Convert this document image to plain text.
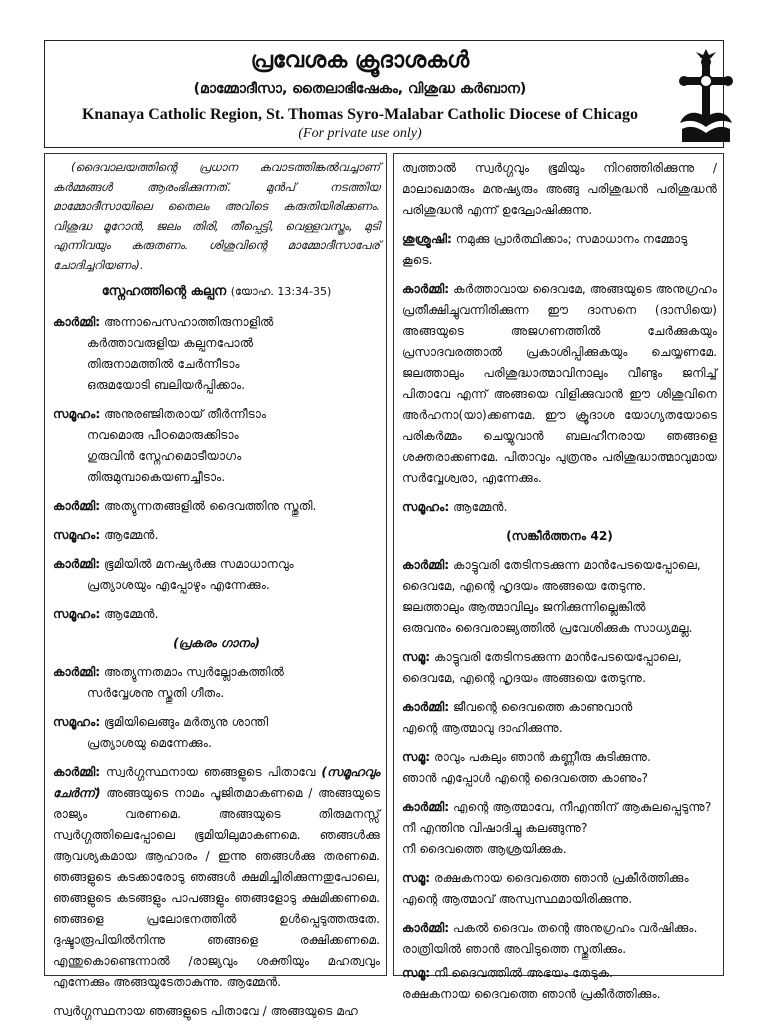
പ്രവേശക ക്രൂദാശകൾ
(മാമ്മോദീസാ, തൈലാഭിഷേകം, വിശുദ്ധ കർബാന)
Knanaya Catholic Region, St. Thomas Syro-Malabar Catholic Diocese of Chicago
(For private use only)

(ദൈവാലയത്തിന്റെ പ്രധാന കവാടത്തിങ്കൽവച്ചാണ് കർമ്മങ്ങൾ ആരംഭിക്കുന്നത്. മുൻപ് നടത്തിയ മാമ്മോദീസായിലെ തൈലം അവിടെ കരുതിയിരിക്കണം. വിശുദ്ധ മൂറോൻ, ജലം തിരി, തീപ്പെട്ടി, വെള്ളവസ്ത്രം, മുടി എന്നിവയും കരുതണം. ശിശുവിന്റെ മാമ്മോദീസാപേര് ചോദിച്ചറിയണം).

സ്നേഹത്തിന്റെ കല്പന (യോഹ. 13:34-35)

കാർമ്മി: അന്നാപെസഹാത്തിരുനാളിൽ
കർത്താവരുളിയ കല്പനപോൽ
തിരുനാമത്തിൽ ചേർന്നീടാം
ഒരുമയോടി ബലിയർപ്പിക്കാം.

സമൂഹം: അനുരഞ്ജിതരായ് തീർന്നീടാം
നവമൊരു പീഠമൊരുക്കിടാം
ഗുരുവിൻ സ്നേഹമൊടീയാഗം
തിരുമുമ്പാകെയണച്ചീടാം.

കാർമ്മി: അത്യുന്നതങ്ങളിൽ ദൈവത്തിനു സ്തുതി.

സമൂഹം: ആമ്മേൻ.

കാർമ്മി: ഭൂമിയിൽ മനഷ്യർക്കു സമാധാനവും
പ്രത്യാശയും എപ്പോഴും എന്നേക്കും.

സമൂഹം: ആമ്മേൻ.

(പ്രകരം ഗാനം)

കാർമ്മി: അത്യുന്നതമാം സ്വർല്ലോകത്തിൽ
സർവ്വേശനു സ്തുതി ഗീതം.

സമൂഹം: ഭൂമിയിലെങ്ങും മർത്യനു ശാന്തി
പ്രത്യാശയു മെന്നേക്കും.

കാർമ്മി: സ്വർഗ്ഗസ്ഥനായ ഞങ്ങളുടെ പിതാവേ (സമൂഹവും ചേർന്ന്) അങ്ങയുടെ നാമം പൂജിതമാകണമെ / അങ്ങയുടെ രാജ്യം വരണമെ. അങ്ങയുടെ തിരുമനസ്സ് സ്വർഗ്ഗത്തിലെപ്പോലെ ഭൂമിയിലുമാകണമെ. ഞങ്ങൾക്കു ആവശ്യകമായ ആഹാരം / ഇന്നു ഞങ്ങൾക്കു തരണമെ. ഞങ്ങളുടെ കടക്കാരോടു ഞങ്ങൾ ക്ഷമിച്ചിരിക്കുന്നതുപോലെ, ഞങ്ങളുടെ കടങ്ങളും പാപങ്ങളും ഞങ്ങളോടു ക്ഷമിക്കണമെ. ഞങ്ങളെ പ്രലോഭനത്തിൽ ഉൾപ്പെടുത്തരുതേ. ദുഷ്ടാരൂപിയിൽനിന്നു ഞങ്ങളെ രക്ഷിക്കണമെ. എന്തുകൊണ്ടെന്നാൽ /രാജ്യവും ശക്തിയും മഹത്വവും എന്നേക്കും അങ്ങയുടേതാകുന്നു. ആമ്മേൻ.

സ്വർഗ്ഗസ്ഥനായ ഞങ്ങളുടെ പിതാവേ / അങ്ങയുടെ മഹ

ത്വത്താൽ സ്വർഗ്ഗവും ഭൂമിയും നിറഞ്ഞിരിക്കുന്നു / മാലാഖമാരും മനുഷ്യരും അങ്ങു പരിശുദ്ധൻ പരിശുദ്ധൻ പരിശുദ്ധൻ എന്ന് ഉദ്ഘോഷിക്കുന്നു.

ശുശ്രൂഷി: നമുക്കു പ്രാർത്ഥിക്കാം; സമാധാനം നമ്മോടു കൂടെ.

കാർമ്മി: കർത്താവായ ദൈവമേ, അങ്ങയുടെ അനുഗ്രഹം പ്രതീക്ഷിച്ചുവന്നിരിക്കുന്ന ഈ ദാസനെ (ദാസിയെ) അങ്ങയുടെ അജഗണത്തിൽ ചേർക്കുകയും പ്രസാദവരത്താൽ പ്രകാശിപ്പിക്കുകയും ചെയ്യണമേ. ജലത്താലും പരിശുദ്ധാത്മാവിനാലും വീണ്ടും ജനിച്ച് പിതാവേ എന്ന് അങ്ങയെ വിളിക്കുവാൻ ഈ ശിശുവിനെ അർഹനാ(യാ)ക്കണമേ. ഈ ക്രൂദാശ യോഗ്യതയോടെ പരികർമ്മം ചെയ്യുവാൻ ബലഹീനരായ ഞങ്ങളെ ശക്തരാക്കണമേ. പിതാവും പുത്രനും പരിശുദ്ധാത്മാവുമായ സർവ്വേശ്വരാ, എന്നേക്കും.

സമൂഹം: ആമ്മേൻ.

(സങ്കീർത്തനം 42)

കാർമ്മി: കാട്ടുവരി തേടിനടക്കുന്ന മാൻപേടയെപ്പോലെ,
ദൈവമേ, എന്റെ ഹൃദയം അങ്ങയെ തേടുന്നു.
ജലത്താലും ആത്മാവിലും ജനിക്കുന്നില്ലെങ്കിൽ
ഒരുവനും ദൈവരാജ്യത്തിൽ പ്രവേശിക്കുക സാധ്യമല്ല.

സമൂ: കാട്ടുവരി തേടിനടക്കുന്ന മാൻപേടയെപ്പോലെ,
ദൈവമേ, എന്റെ ഹൃദയം അങ്ങയെ തേടുന്നു.

കാർമ്മി: ജീവന്റെ ദൈവത്തെ കാണുവാൻ
എന്റെ ആത്മാവു ദാഹിക്കുന്നു.

സമൂ: രാവും പകലും ഞാൻ കണ്ണീരു കുടിക്കുന്നു.
ഞാൻ എപ്പോൾ എന്റെ ദൈവത്തെ കാണും?

കാർമ്മി: എന്റെ ആത്മാവേ, നീഎന്തിന് ആകുലപ്പെടുന്നു?
നീ എന്തിനു വിഷാദിച്ചു കലങ്ങുന്നു?
നീ ദൈവത്തെ ആശ്രയിക്കുക.

സമൂ: രക്ഷകനായ ദൈവത്തെ ഞാൻ പ്രകീർത്തിക്കും
എന്റെ ആത്മാവ് അസ്വസ്ഥമായിരിക്കുന്നു.

കാർമ്മി: പകൽ ദൈവം തന്റെ അനുഗ്രഹം വർഷിക്കും.
രാത്രിയിൽ ഞാൻ അവിടുത്തെ സ്തുതിക്കും.

സമൂ: നീ ദൈവത്തിൽ അഭയം തേടുക.
രക്ഷകനായ ദൈവത്തെ ഞാൻ പ്രകീർത്തിക്കും.
